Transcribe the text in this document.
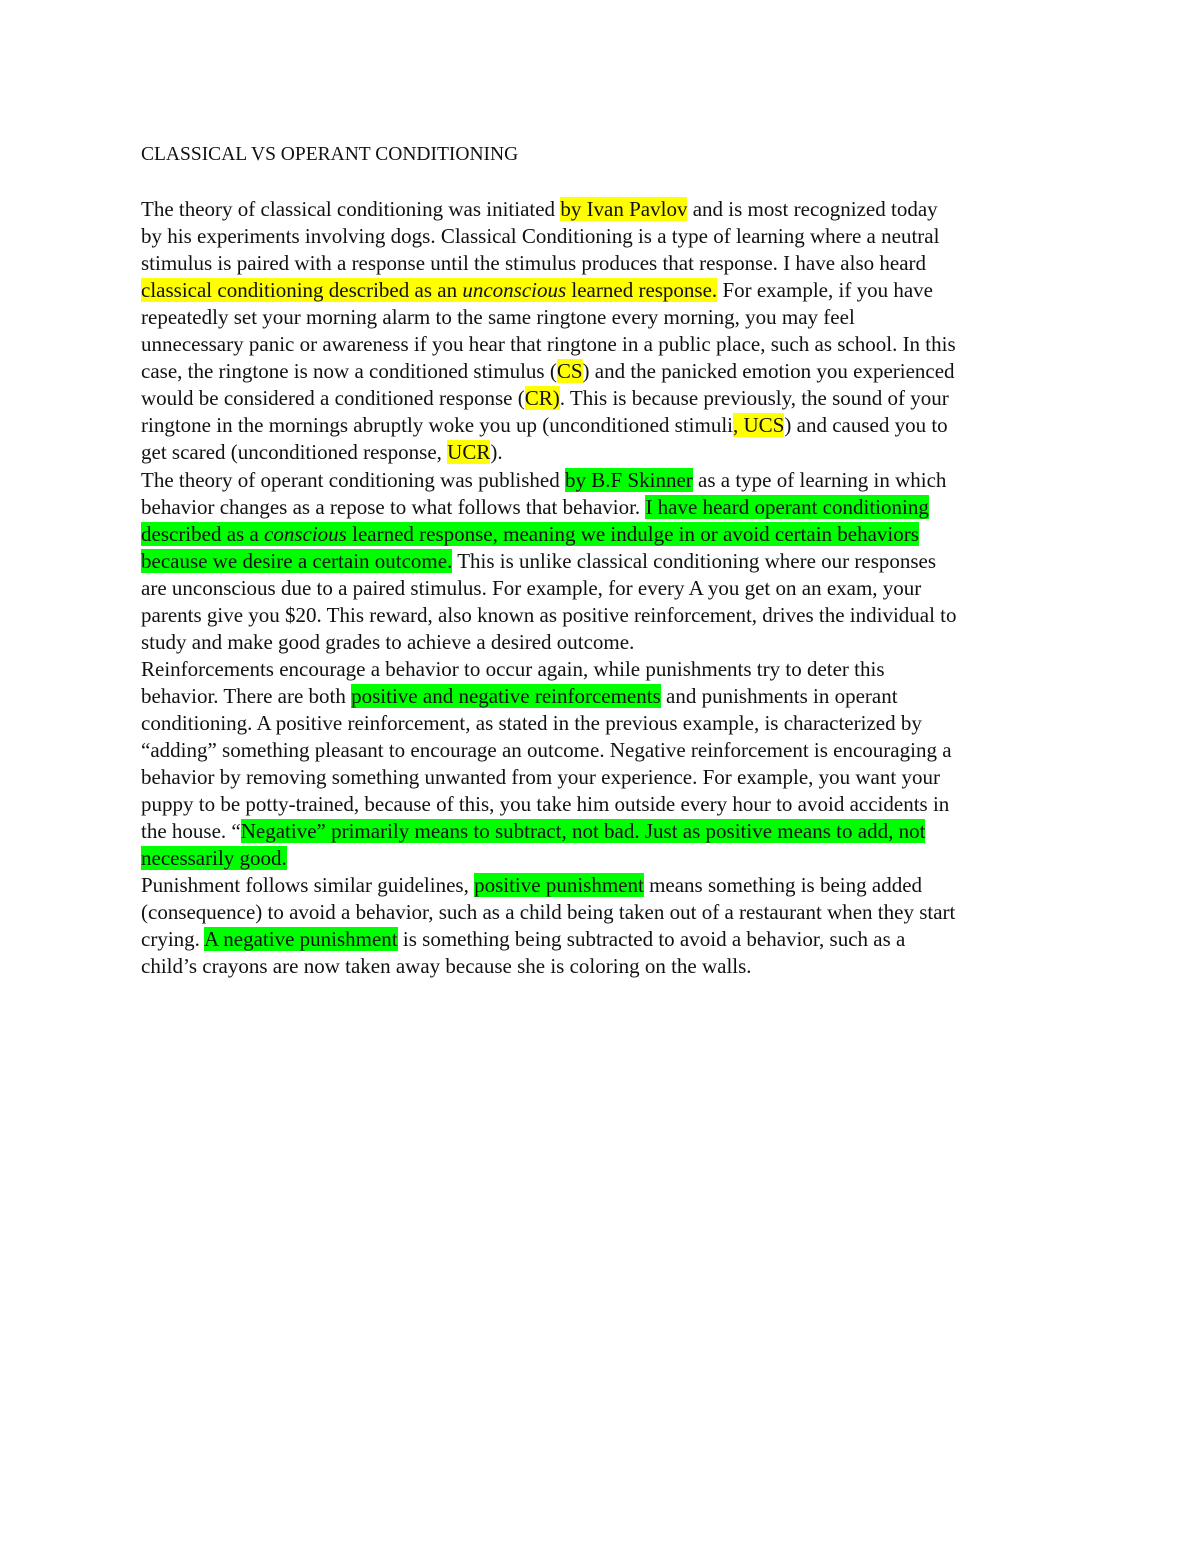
CLASSICAL VS OPERANT CONDITIONING
The theory of classical conditioning was initiated by Ivan Pavlov and is most recognized today
by his experiments involving dogs. Classical Conditioning is a type of learning where a neutral
stimulus is paired with a response until the stimulus produces that response. I have also heard
classical conditioning described as an unconscious learned response. For example, if you have
repeatedly set your morning alarm to the same ringtone every morning, you may feel
unnecessary panic or awareness if you hear that ringtone in a public place, such as school. In this
case, the ringtone is now a conditioned stimulus (CS) and the panicked emotion you experienced
would be considered a conditioned response (CR). This is because previously, the sound of your
ringtone in the mornings abruptly woke you up (unconditioned stimuli, UCS) and caused you to
get scared (unconditioned response, UCR).
The theory of operant conditioning was published by B.F Skinner as a type of learning in which
behavior changes as a repose to what follows that behavior. I have heard operant conditioning
described as a conscious learned response, meaning we indulge in or avoid certain behaviors
because we desire a certain outcome. This is unlike classical conditioning where our responses
are unconscious due to a paired stimulus. For example, for every A you get on an exam, your
parents give you $20. This reward, also known as positive reinforcement, drives the individual to
study and make good grades to achieve a desired outcome.
Reinforcements encourage a behavior to occur again, while punishments try to deter this
behavior. There are both positive and negative reinforcements and punishments in operant
conditioning. A positive reinforcement, as stated in the previous example, is characterized by
“adding” something pleasant to encourage an outcome. Negative reinforcement is encouraging a
behavior by removing something unwanted from your experience. For example, you want your
puppy to be potty-trained, because of this, you take him outside every hour to avoid accidents in
the house. “Negative” primarily means to subtract, not bad. Just as positive means to add, not
necessarily good.
Punishment follows similar guidelines, positive punishment means something is being added
(consequence) to avoid a behavior, such as a child being taken out of a restaurant when they start
crying. A negative punishment is something being subtracted to avoid a behavior, such as a
child’s crayons are now taken away because she is coloring on the walls.
